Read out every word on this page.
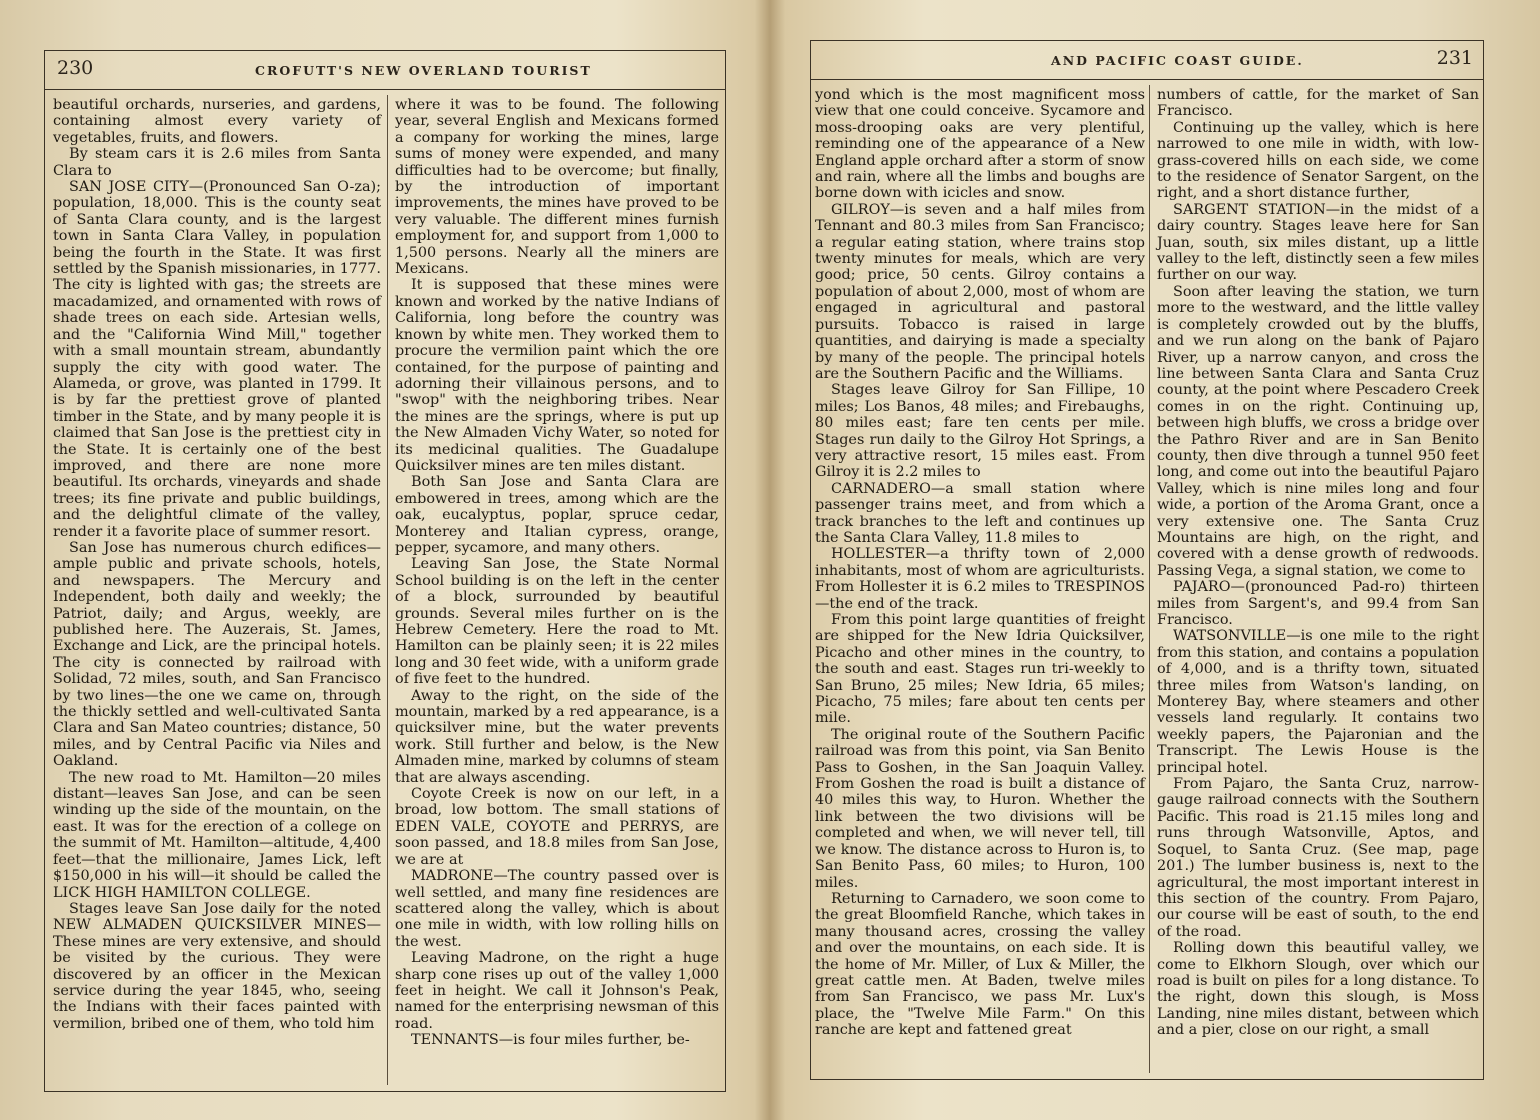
230	CROFUTT'S NEW OVERLAND TOURIST

beautiful orchards, nurseries, and gardens, containing almost every variety of vegetables, fruits, and flowers.

By steam cars it is 2.6 miles from Santa Clara to

SAN JOSE CITY—(Pronounced San O-za); population, 18,000. This is the county seat of Santa Clara county, and is the largest town in Santa Clara Valley, in population being the fourth in the State. It was first settled by the Spanish missionaries, in 1777. The city is lighted with gas; the streets are macadamized, and ornamented with rows of shade trees on each side. Artesian wells, and the "California Wind Mill," together with a small mountain stream, abundantly supply the city with good water. The Alameda, or grove, was planted in 1799. It is by far the prettiest grove of planted timber in the State, and by many people it is claimed that San Jose is the prettiest city in the State. It is certainly one of the best improved, and there are none more beautiful. Its orchards, vineyards and shade trees; its fine private and public buildings, and the delightful climate of the valley, render it a favorite place of summer resort.

San Jose has numerous church edifices—ample public and private schools, hotels, and newspapers. The Mercury and Independent, both daily and weekly; the Patriot, daily; and Argus, weekly, are published here. The Auzerais, St. James, Exchange and Lick, are the principal hotels. The city is connected by railroad with Solidad, 72 miles, south, and San Francisco by two lines—the one we came on, through the thickly settled and well-cultivated Santa Clara and San Mateo countries; distance, 50 miles, and by Central Pacific via Niles and Oakland.

The new road to Mt. Hamilton—20 miles distant—leaves San Jose, and can be seen winding up the side of the mountain, on the east. It was for the erection of a college on the summit of Mt. Hamilton—altitude, 4,400 feet—that the millionaire, James Lick, left $150,000 in his will—it should be called the LICK HIGH HAMILTON COLLEGE.

Stages leave San Jose daily for the noted NEW ALMADEN QUICKSILVER MINES—These mines are very extensive, and should be visited by the curious. They were discovered by an officer in the Mexican service during the year 1845, who, seeing the Indians with their faces painted with vermilion, bribed one of them, who told him

where it was to be found. The following year, several English and Mexicans formed a company for working the mines, large sums of money were expended, and many difficulties had to be overcome; but finally, by the introduction of important improvements, the mines have proved to be very valuable. The different mines furnish employment for, and support from 1,000 to 1,500 persons. Nearly all the miners are Mexicans.

It is supposed that these mines were known and worked by the native Indians of California, long before the country was known by white men. They worked them to procure the vermilion paint which the ore contained, for the purpose of painting and adorning their villainous persons, and to "swop" with the neighboring tribes. Near the mines are the springs, where is put up the New Almaden Vichy Water, so noted for its medicinal qualities. The Guadalupe Quicksilver mines are ten miles distant.

Both San Jose and Santa Clara are embowered in trees, among which are the oak, eucalyptus, poplar, spruce cedar, Monterey and Italian cypress, orange, pepper, sycamore, and many others.

Leaving San Jose, the State Normal School building is on the left in the center of a block, surrounded by beautiful grounds. Several miles further on is the Hebrew Cemetery. Here the road to Mt. Hamilton can be plainly seen; it is 22 miles long and 30 feet wide, with a uniform grade of five feet to the hundred.

Away to the right, on the side of the mountain, marked by a red appearance, is a quicksilver mine, but the water prevents work. Still further and below, is the New Almaden mine, marked by columns of steam that are always ascending.

Coyote Creek is now on our left, in a broad, low bottom. The small stations of EDEN VALE, COYOTE and PERRYS, are soon passed, and 18.8 miles from San Jose, we are at

MADRONE—The country passed over is well settled, and many fine residences are scattered along the valley, which is about one mile in width, with low rolling hills on the west.

Leaving Madrone, on the right a huge sharp cone rises up out of the valley 1,000 feet in height. We call it Johnson's Peak, named for the enterprising newsman of this road.

TENNANTS—is four miles further, be-

AND PACIFIC COAST GUIDE.	231

yond which is the most magnificent moss view that one could conceive. Sycamore and moss-drooping oaks are very plentiful, reminding one of the appearance of a New England apple orchard after a storm of snow and rain, where all the limbs and boughs are borne down with icicles and snow.

GILROY—is seven and a half miles from Tennant and 80.3 miles from San Francisco; a regular eating station, where trains stop twenty minutes for meals, which are very good; price, 50 cents. Gilroy contains a population of about 2,000, most of whom are engaged in agricultural and pastoral pursuits. Tobacco is raised in large quantities, and dairying is made a specialty by many of the people. The principal hotels are the Southern Pacific and the Williams.

Stages leave Gilroy for San Fillipe, 10 miles; Los Banos, 48 miles; and Firebaughs, 80 miles east; fare ten cents per mile. Stages run daily to the Gilroy Hot Springs, a very attractive resort, 15 miles east. From Gilroy it is 2.2 miles to

CARNADERO—a small station where passenger trains meet, and from which a track branches to the left and continues up the Santa Clara Valley, 11.8 miles to

HOLLESTER—a thrifty town of 2,000 inhabitants, most of whom are agriculturists. From Hollester it is 6.2 miles to TRESPINOS—the end of the track.

From this point large quantities of freight are shipped for the New Idria Quicksilver, Picacho and other mines in the country, to the south and east. Stages run tri-weekly to San Bruno, 25 miles; New Idria, 65 miles; Picacho, 75 miles; fare about ten cents per mile.

The original route of the Southern Pacific railroad was from this point, via San Benito Pass to Goshen, in the San Joaquin Valley. From Goshen the road is built a distance of 40 miles this way, to Huron. Whether the link between the two divisions will be completed and when, we will never tell, till we know. The distance across to Huron is, to San Benito Pass, 60 miles; to Huron, 100 miles.

Returning to Carnadero, we soon come to the great Bloomfield Ranche, which takes in many thousand acres, crossing the valley and over the mountains, on each side. It is the home of Mr. Miller, of Lux & Miller, the great cattle men. At Baden, twelve miles from San Francisco, we pass Mr. Lux's place, the "Twelve Mile Farm." On this ranche are kept and fattened great

numbers of cattle, for the market of San Francisco.

Continuing up the valley, which is here narrowed to one mile in width, with low-grass-covered hills on each side, we come to the residence of Senator Sargent, on the right, and a short distance further,

SARGENT STATION—in the midst of a dairy country. Stages leave here for San Juan, south, six miles distant, up a little valley to the left, distinctly seen a few miles further on our way.

Soon after leaving the station, we turn more to the westward, and the little valley is completely crowded out by the bluffs, and we run along on the bank of Pajaro River, up a narrow canyon, and cross the line between Santa Clara and Santa Cruz county, at the point where Pescadero Creek comes in on the right. Continuing up, between high bluffs, we cross a bridge over the Pathro River and are in San Benito county, then dive through a tunnel 950 feet long, and come out into the beautiful Pajaro Valley, which is nine miles long and four wide, a portion of the Aroma Grant, once a very extensive one. The Santa Cruz Mountains are high, on the right, and covered with a dense growth of redwoods. Passing Vega, a signal station, we come to

PAJARO—(pronounced Pad-ro) thirteen miles from Sargent's, and 99.4 from San Francisco.

WATSONVILLE—is one mile to the right from this station, and contains a population of 4,000, and is a thrifty town, situated three miles from Watson's landing, on Monterey Bay, where steamers and other vessels land regularly. It contains two weekly papers, the Pajaronian and the Transcript. The Lewis House is the principal hotel.

From Pajaro, the Santa Cruz, narrow-gauge railroad connects with the Southern Pacific. This road is 21.15 miles long and runs through Watsonville, Aptos, and Soquel, to Santa Cruz. (See map, page 201.) The lumber business is, next to the agricultural, the most important interest in this section of the country. From Pajaro, our course will be east of south, to the end of the road.

Rolling down this beautiful valley, we come to Elkhorn Slough, over which our road is built on piles for a long distance. To the right, down this slough, is Moss Landing, nine miles distant, between which and a pier, close on our right, a small
